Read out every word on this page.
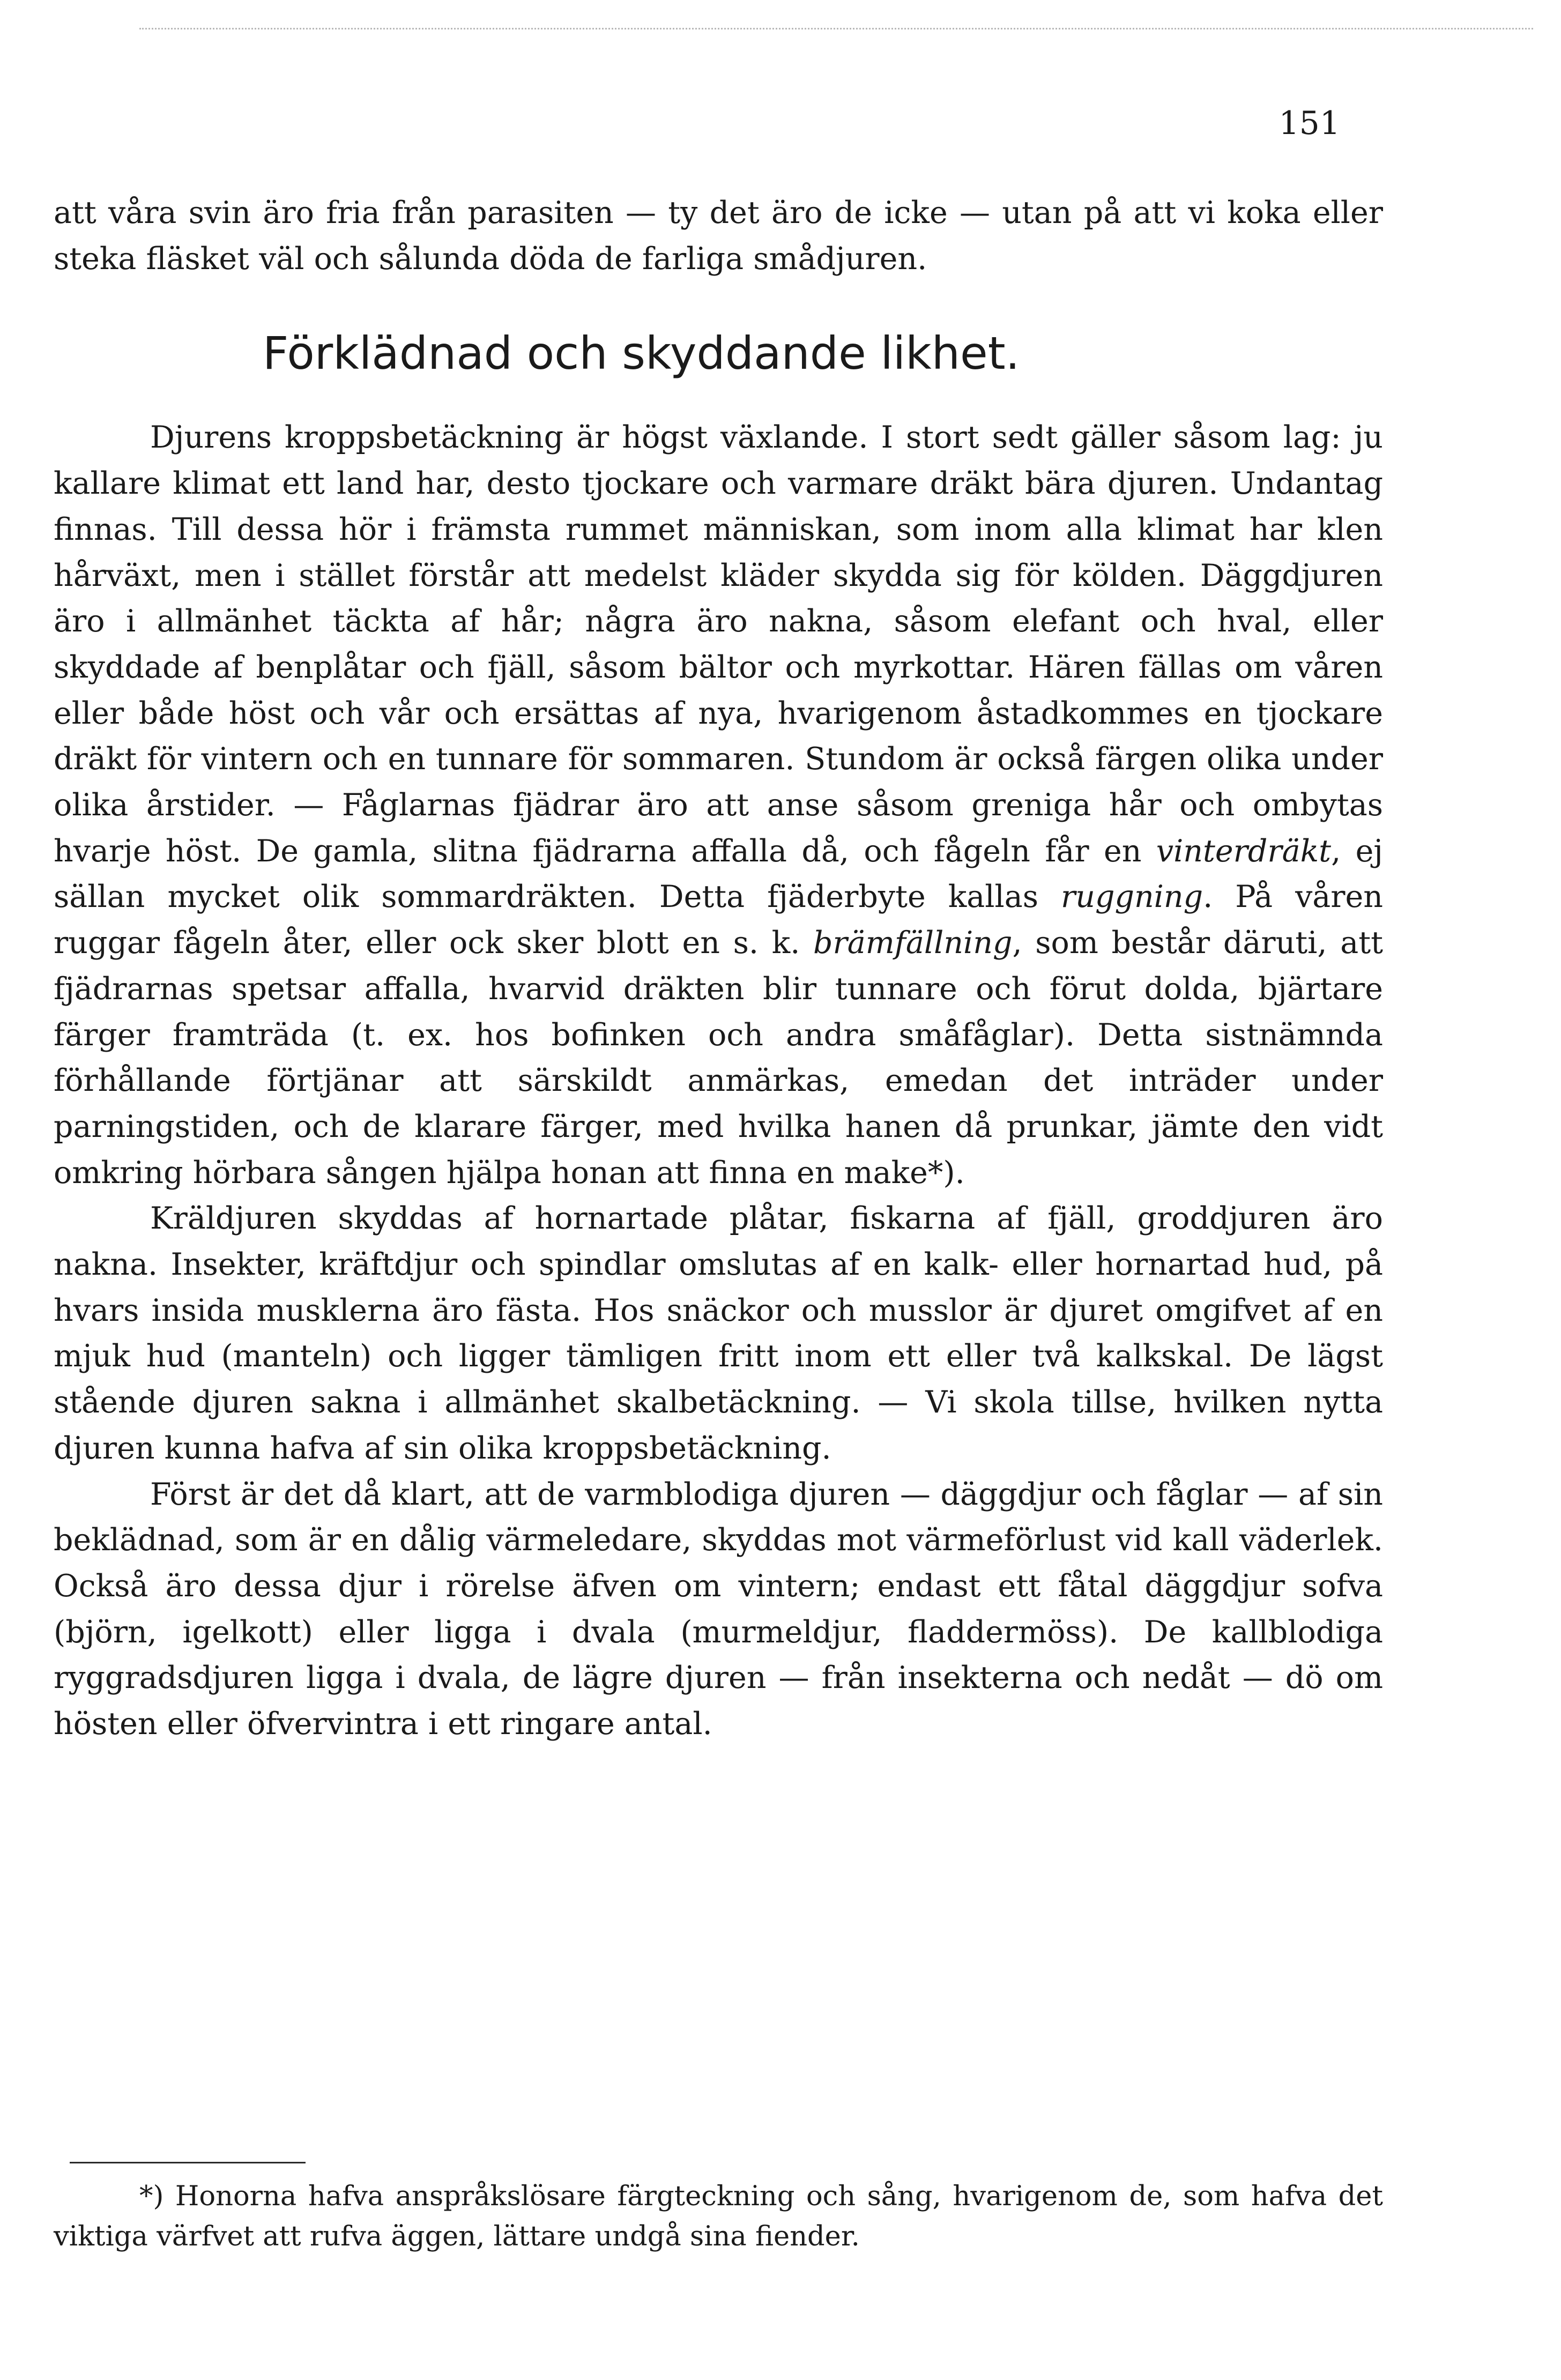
151

att våra svin äro fria från parasiten — ty det äro de icke — utan på att vi koka eller steka fläsket väl och sålunda döda de farliga smådjuren.

Förklädnad och skyddande likhet.

Djurens kroppsbetäckning är högst växlande. I stort sedt gäller såsom lag: ju kallare klimat ett land har, desto tjockare och varmare dräkt bära djuren. Undantag finnas. Till dessa hör i främsta rummet människan, som inom alla klimat har klen hårväxt, men i stället förstår att medelst kläder skydda sig för kölden. Däggdjuren äro i allmänhet täckta af hår; några äro nakna, såsom elefant och hval, eller skyddade af benplåtar och fjäll, såsom bältor och myrkottar. Hären fällas om våren eller både höst och vår och ersättas af nya, hvarigenom åstadkommes en tjockare dräkt för vintern och en tunnare för sommaren. Stundom är också färgen olika under olika årstider. — Fåglarnas fjädrar äro att anse såsom greniga hår och ombytas hvarje höst. De gamla, slitna fjädrarna affalla då, och fågeln får en vinterdräkt, ej sällan mycket olik sommardräkten. Detta fjäderbyte kallas ruggning. På våren ruggar fågeln åter, eller ock sker blott en s. k. brämfällning, som består däruti, att fjädrarnas spetsar affalla, hvarvid dräkten blir tunnare och förut dolda, bjärtare färger framträda (t. ex. hos bofinken och andra småfåglar). Detta sistnämnda förhållande förtjänar att särskildt anmärkas, emedan det inträder under parningstiden, och de klarare färger, med hvilka hanen då prunkar, jämte den vidt omkring hörbara sången hjälpa honan att finna en make*).

Kräldjuren skyddas af hornartade plåtar, fiskarna af fjäll, groddjuren äro nakna. Insekter, kräftdjur och spindlar omslutas af en kalk- eller hornartad hud, på hvars insida musklerna äro fästa. Hos snäckor och musslor är djuret omgifvet af en mjuk hud (manteln) och ligger tämligen fritt inom ett eller två kalkskal. De lägst stående djuren sakna i allmänhet skalbetäckning. — Vi skola tillse, hvilken nytta djuren kunna hafva af sin olika kroppsbetäckning.

Först är det då klart, att de varmblodiga djuren — däggdjur och fåglar — af sin beklädnad, som är en dålig värmeledare, skyddas mot värmeförlust vid kall väderlek. Också äro dessa djur i rörelse äfven om vintern; endast ett fåtal däggdjur sofva (björn, igelkott) eller ligga i dvala (murmeldjur, fladdermöss). De kallblodiga ryggradsdjuren ligga i dvala, de lägre djuren — från insekterna och nedåt — dö om hösten eller öfvervintra i ett ringare antal.

*) Honorna hafva anspråkslösare färgteckning och sång, hvarigenom de, som hafva det viktiga värfvet att rufva äggen, lättare undgå sina fiender.
